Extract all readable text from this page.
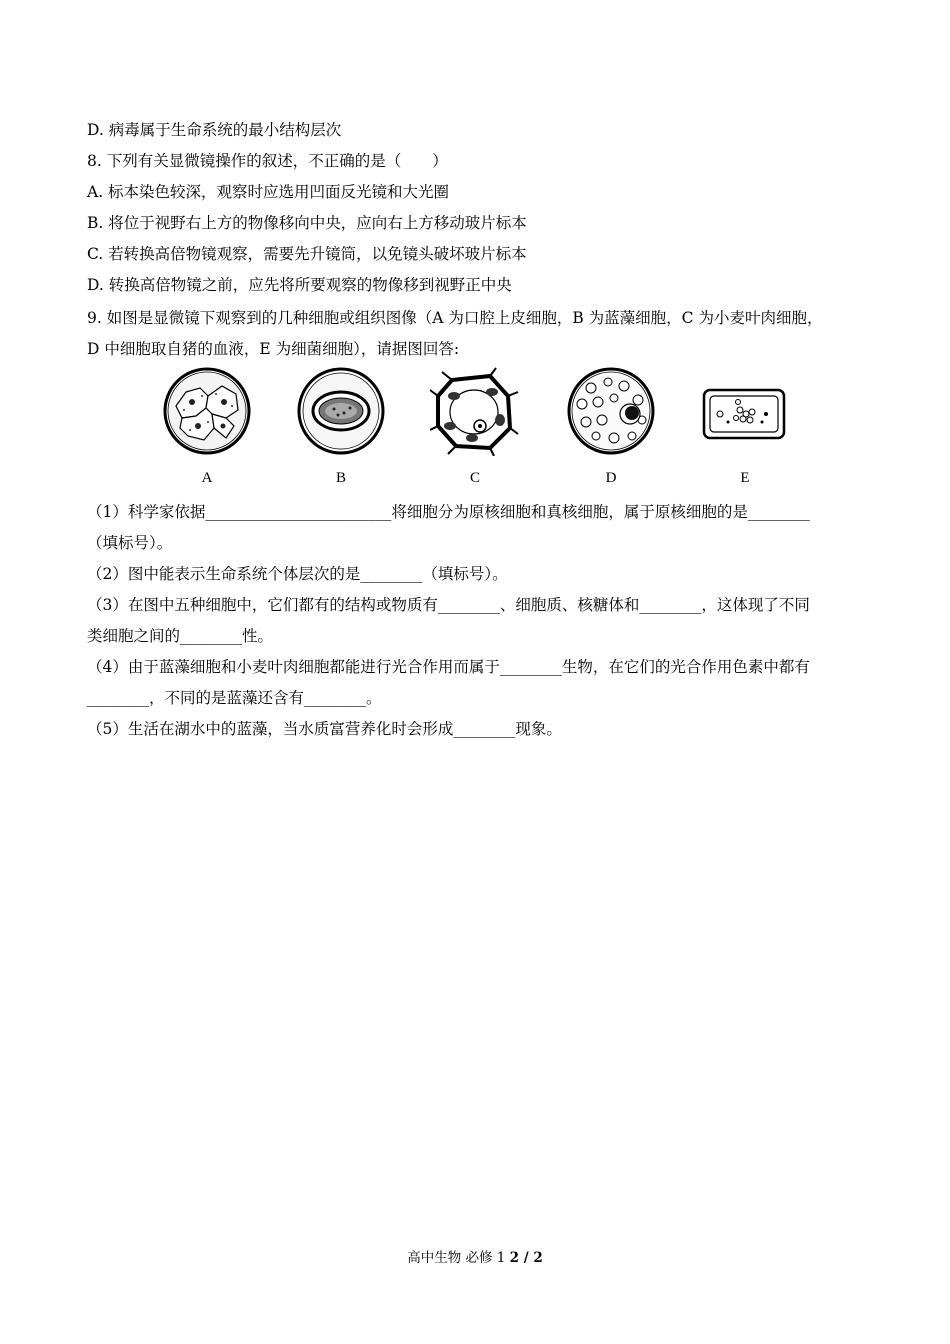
D. 病毒属于生命系统的最小结构层次
8. 下列有关显微镜操作的叙述，不正确的是（　　）
A. 标本染色较深，观察时应选用凹面反光镜和大光圈
B. 将位于视野右上方的物像移向中央，应向右上方移动玻片标本
C. 若转换高倍物镜观察，需要先升镜筒，以免镜头破坏玻片标本
D. 转换高倍物镜之前，应先将所要观察的物像移到视野正中央
9. 如图是显微镜下观察到的几种细胞或组织图像（A 为口腔上皮细胞，B 为蓝藻细胞，C 为小麦叶肉细胞，
D 中细胞取自猪的血液，E 为细菌细胞），请据图回答:
A	B	C	D	E
（1）科学家依据________________________将细胞分为原核细胞和真核细胞，属于原核细胞的是________
（填标号）。
（2）图中能表示生命系统个体层次的是________（填标号）。
（3）在图中五种细胞中，它们都有的结构或物质有________、细胞质、核糖体和________，这体现了不同
类细胞之间的________性。
（4）由于蓝藻细胞和小麦叶肉细胞都能进行光合作用而属于________生物，在它们的光合作用色素中都有
________，不同的是蓝藻还含有________。
（5）生活在湖水中的蓝藻，当水质富营养化时会形成________现象。
高中生物 必修 1 2 / 2
